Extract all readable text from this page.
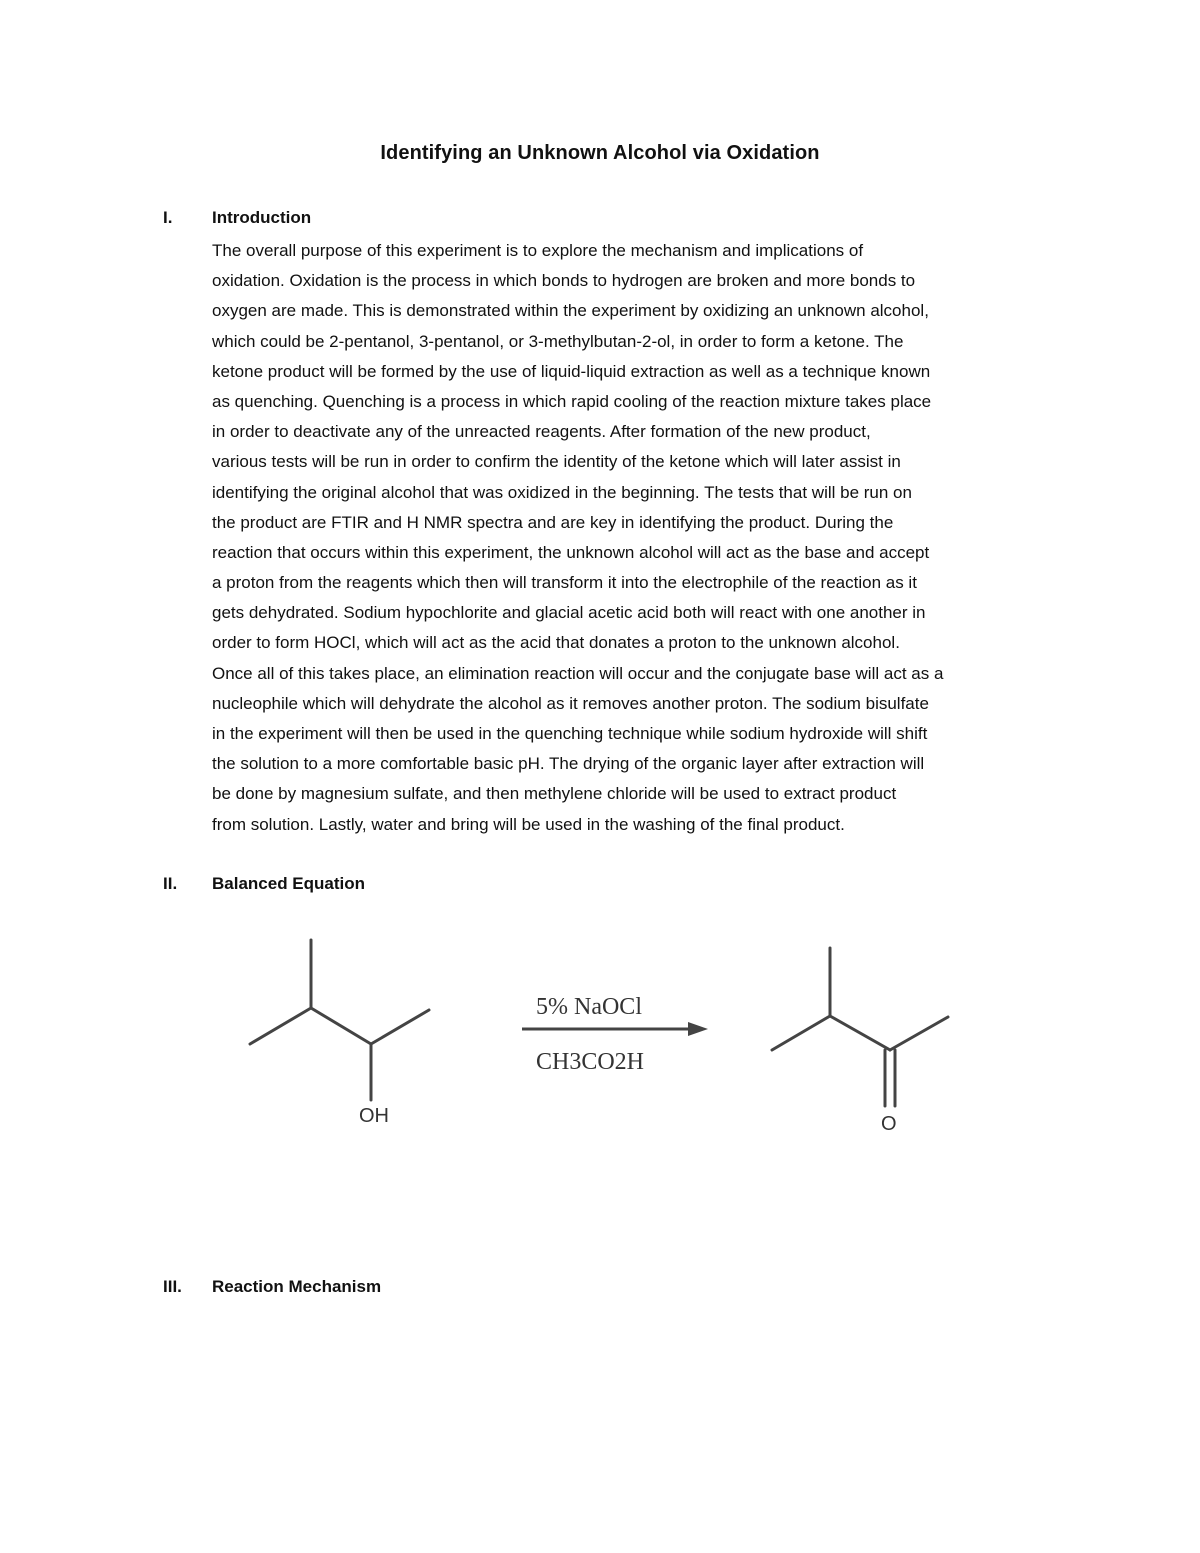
Identifying an Unknown Alcohol via Oxidation
I. Introduction
The overall purpose of this experiment is to explore the mechanism and implications of
oxidation. Oxidation is the process in which bonds to hydrogen are broken and more bonds to
oxygen are made. This is demonstrated within the experiment by oxidizing an unknown alcohol,
which could be 2-pentanol, 3-pentanol, or 3-methylbutan-2-ol, in order to form a ketone. The
ketone product will be formed by the use of liquid-liquid extraction as well as a technique known
as quenching. Quenching is a process in which rapid cooling of the reaction mixture takes place
in order to deactivate any of the unreacted reagents. After formation of the new product,
various tests will be run in order to confirm the identity of the ketone which will later assist in
identifying the original alcohol that was oxidized in the beginning. The tests that will be run on
the product are FTIR and H NMR spectra and are key in identifying the product. During the
reaction that occurs within this experiment, the unknown alcohol will act as the base and accept
a proton from the reagents which then will transform it into the electrophile of the reaction as it
gets dehydrated. Sodium hypochlorite and glacial acetic acid both will react with one another in
order to form HOCl, which will act as the acid that donates a proton to the unknown alcohol.
Once all of this takes place, an elimination reaction will occur and the conjugate base will act as a
nucleophile which will dehydrate the alcohol as it removes another proton. The sodium bisulfate
in the experiment will then be used in the quenching technique while sodium hydroxide will shift
the solution to a more comfortable basic pH. The drying of the organic layer after extraction will
be done by magnesium sulfate, and then methylene chloride will be used to extract product
from solution. Lastly, water and bring will be used in the washing of the final product.
II. Balanced Equation
OH
5% NaOCl
CH3CO2H
O
III. Reaction Mechanism
